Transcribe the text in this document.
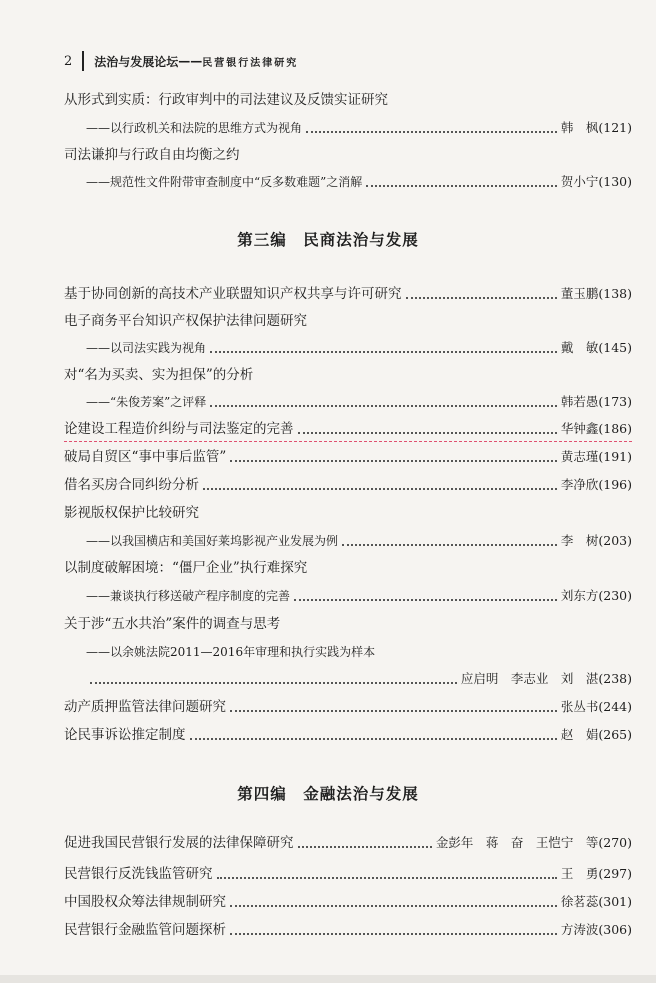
2 法治与发展论坛 —— 民营银行法律研究
从形式到实质：行政审判中的司法建议及反馈实证研究
——以行政机关和法院的思维方式为视角	韩　枫(121)
司法谦抑与行政自由均衡之约
——规范性文件附带审查制度中“反多数难题”之消解	贺小宁(130)
第三编　民商法治与发展
基于协同创新的高技术产业联盟知识产权共享与许可研究	董玉鹏(138)
电子商务平台知识产权保护法律问题研究
——以司法实践为视角	戴　敏(145)
对“名为买卖、实为担保”的分析
——“朱俊芳案”之评释	韩若愚(173)
论建设工程造价纠纷与司法鉴定的完善	华钟鑫(186)
破局自贸区“事中事后监管”	黄志瑾(191)
借名买房合同纠纷分析	李净欣(196)
影视版权保护比较研究
——以我国横店和美国好莱坞影视产业发展为例	李　树(203)
以制度破解困境：“僵尸企业”执行难探究
——兼谈执行移送破产程序制度的完善	刘东方(230)
关于涉“五水共治”案件的调查与思考
——以余姚法院2011—2016年审理和执行实践为样本
应启明　李志业　刘　湛(238)
动产质押监管法律问题研究	张丛书(244)
论民事诉讼推定制度	赵　娟(265)
第四编　金融法治与发展
促进我国民营银行发展的法律保障研究	金彭年　蒋　奋　王恺宁　等(270)
民营银行反洗钱监管研究	王　勇(297)
中国股权众筹法律规制研究	徐茗蕊(301)
民营银行金融监管问题探析	方涛波(306)
